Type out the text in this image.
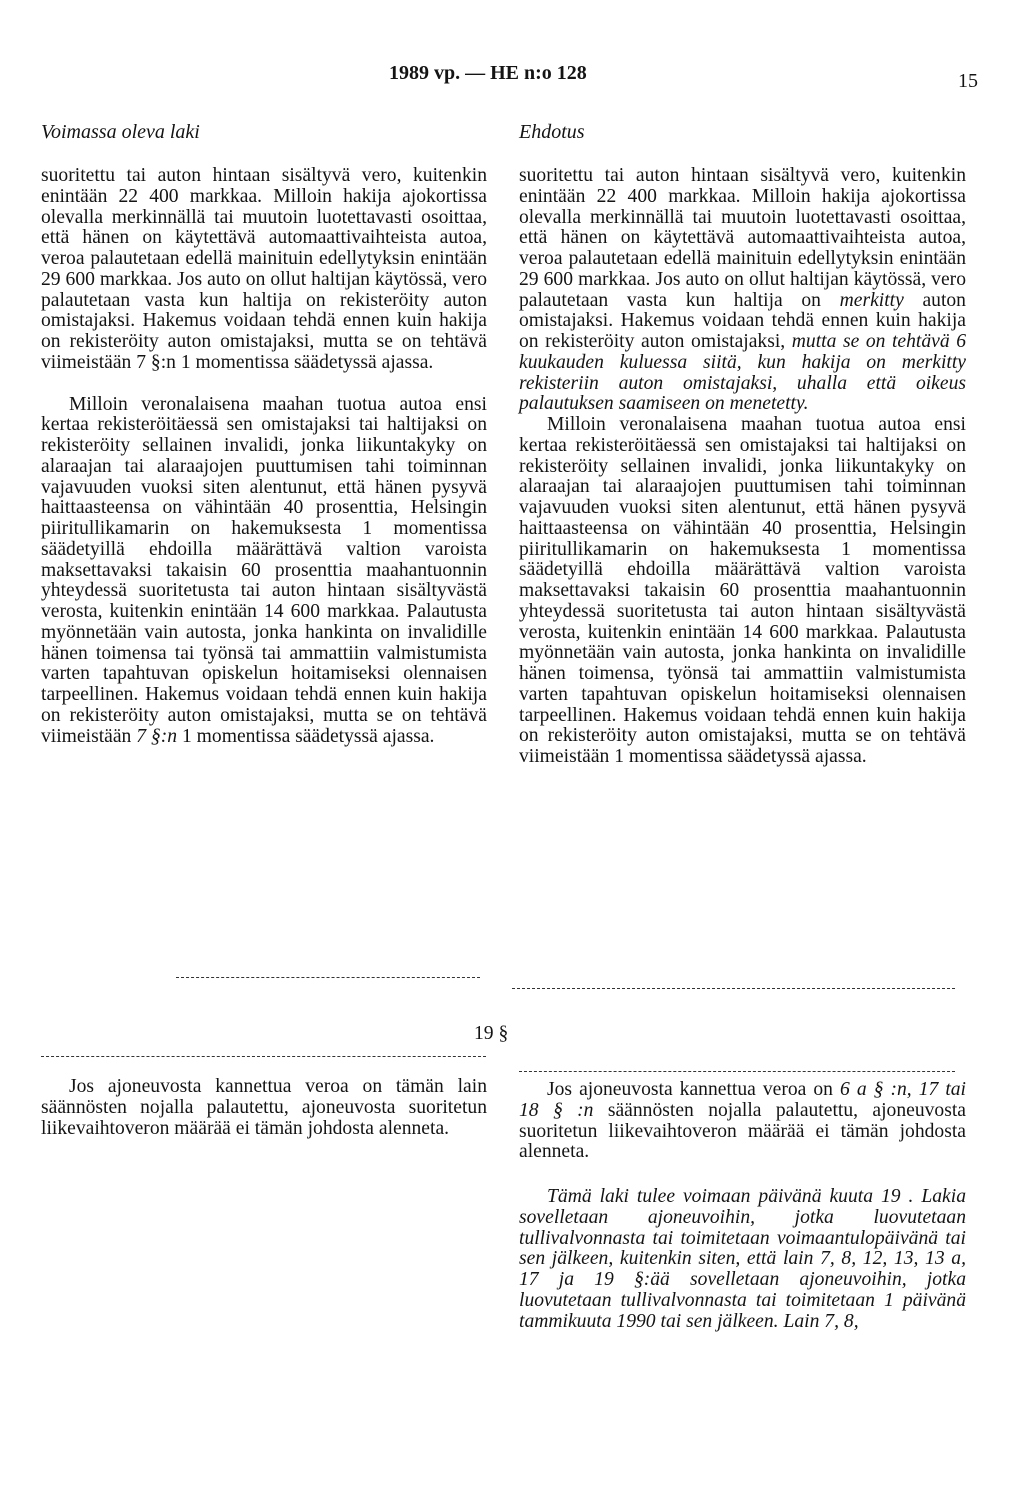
1989 vp. — HE n:o 128	15
Voimassa oleva laki

suoritettu tai auton hintaan sisältyvä vero, kuitenkin enintään 22 400 markkaa. Milloin hakija ajokortissa olevalla merkinnällä tai muutoin luotettavasti osoittaa, että hänen on käytettävä automaattivaihteista autoa, veroa palautetaan edellä mainituin edellytyksin enintään 29 600 markkaa. Jos auto on ollut haltijan käytössä, vero palautetaan vasta kun haltija on rekisteröity auton omistajaksi. Hakemus voidaan tehdä ennen kuin hakija on rekisteröity auton omistajaksi, mutta se on tehtävä viimeistään 7 §:n 1 momentissa säädetyssä ajassa.

Milloin veronalaisena maahan tuotua autoa ensi kertaa rekisteröitäessä sen omistajaksi tai haltijaksi on rekisteröity sellainen invalidi, jonka liikuntakyky on alaraajan tai alaraajojen puuttumisen tahi toiminnan vajavuuden vuoksi siten alentunut, että hänen pysyvä haittaasteensa on vähintään 40 prosenttia, Helsingin piiritullikamarin on hakemuksesta 1 momentissa säädetyillä ehdoilla määrättävä valtion varoista maksettavaksi takaisin 60 prosenttia maahantuonnin yhteydessä suoritetusta tai auton hintaan sisältyvästä verosta, kuitenkin enintään 14 600 markkaa. Palautusta myönnetään vain autosta, jonka hankinta on invalidille hänen toimensa tai työnsä tai ammattiin valmistumista varten tapahtuvan opiskelun hoitamiseksi olennaisen tarpeellinen. Hakemus voidaan tehdä ennen kuin hakija on rekisteröity auton omistajaksi, mutta se on tehtävä viimeistään 7 §:n 1 momentissa säädetyssä ajassa.

Ehdotus

suoritettu tai auton hintaan sisältyvä vero, kuitenkin enintään 22 400 markkaa. Milloin hakija ajokortissa olevalla merkinnällä tai muutoin luotettavasti osoittaa, että hänen on käytettävä automaattivaihteista autoa, veroa palautetaan edellä mainituin edellytyksin enintään 29 600 markkaa. Jos auto on ollut haltijan käytössä, vero palautetaan vasta kun haltija on merkitty auton omistajaksi. Hakemus voidaan tehdä ennen kuin hakija on rekisteröity auton omistajaksi, mutta se on tehtävä 6 kuukauden kuluessa siitä, kun hakija on merkitty rekisteriin auton omistajaksi, uhalla että oikeus palautuksen saamiseen on menetetty.

Milloin veronalaisena maahan tuotua autoa ensi kertaa rekisteröitäessä sen omistajaksi tai haltijaksi on rekisteröity sellainen invalidi, jonka liikuntakyky on alaraajan tai alaraajojen puuttumisen tahi toiminnan vajavuuden vuoksi siten alentunut, että hänen pysyvä haittaasteensa on vähintään 40 prosenttia, Helsingin piiritullikamarin on hakemuksesta 1 momentissa säädetyillä ehdoilla määrättävä valtion varoista maksettavaksi takaisin 60 prosenttia maahantuonnin yhteydessä suoritetusta tai auton hintaan sisältyvästä verosta, kuitenkin enintään 14 600 markkaa. Palautusta myönnetään vain autosta, jonka hankinta on invalidille hänen toimensa, työnsä tai ammattiin valmistumista varten tapahtuvan opiskelun hoitamiseksi olennaisen tarpeellinen. Hakemus voidaan tehdä ennen kuin hakija on rekisteröity auton omistajaksi, mutta se on tehtävä viimeistään 1 momentissa säädetyssä ajassa.

19 §

Jos ajoneuvosta kannettua veroa on tämän lain säännösten nojalla palautettu, ajoneuvosta suoritetun liikevaihtoveron määrää ei tämän johdosta alenneta.

Jos ajoneuvosta kannettua veroa on 6 a § :n, 17 tai 18 § :n säännösten nojalla palautettu, ajoneuvosta suoritetun liikevaihtoveron määrää ei tämän johdosta alenneta.

Tämä laki tulee voimaan päivänä kuuta 19 . Lakia sovelletaan ajoneuvoihin, jotka luovutetaan tullivalvonnasta tai toimitetaan voimaantulopäivänä tai sen jälkeen, kuitenkin siten, että lain 7, 8, 12, 13, 13 a, 17 ja 19 §:ää sovelletaan ajoneuvoihin, jotka luovutetaan tullivalvonnasta tai toimitetaan 1 päivänä tammikuuta 1990 tai sen jälkeen. Lain 7, 8,
